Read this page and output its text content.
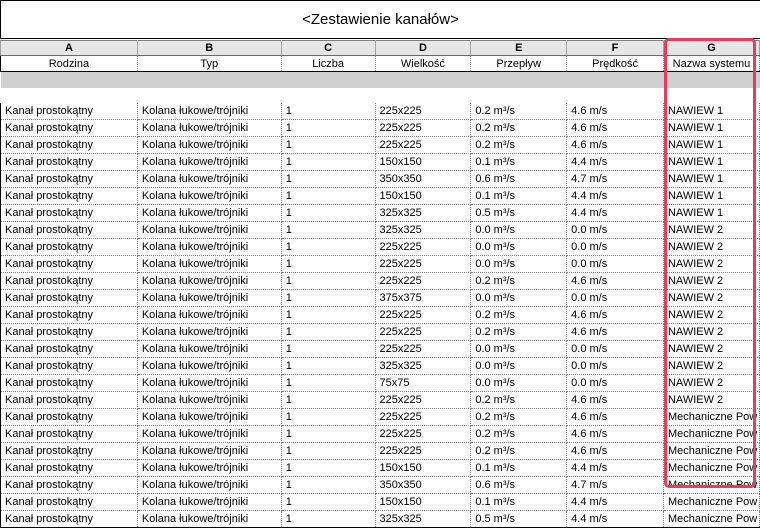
<Zestawienie kanałów>
A	B	C	D	E	F	G
Rodzina	Typ	Liczba	Wielkość	Przepływ	Prędkość	Nazwa systemu

Kanał prostokątny	Kolana łukowe/trójniki	1	225x225	0.2 m³/s	4.6 m/s	NAWIEW 1
Kanał prostokątny	Kolana łukowe/trójniki	1	225x225	0.2 m³/s	4.6 m/s	NAWIEW 1
Kanał prostokątny	Kolana łukowe/trójniki	1	225x225	0.2 m³/s	4.6 m/s	NAWIEW 1
Kanał prostokątny	Kolana łukowe/trójniki	1	150x150	0.1 m³/s	4.4 m/s	NAWIEW 1
Kanał prostokątny	Kolana łukowe/trójniki	1	350x350	0.6 m³/s	4.7 m/s	NAWIEW 1
Kanał prostokątny	Kolana łukowe/trójniki	1	150x150	0.1 m³/s	4.4 m/s	NAWIEW 1
Kanał prostokątny	Kolana łukowe/trójniki	1	325x325	0.5 m³/s	4.4 m/s	NAWIEW 1
Kanał prostokątny	Kolana łukowe/trójniki	1	325x325	0.0 m³/s	0.0 m/s	NAWIEW 2
Kanał prostokątny	Kolana łukowe/trójniki	1	225x225	0.0 m³/s	0.0 m/s	NAWIEW 2
Kanał prostokątny	Kolana łukowe/trójniki	1	225x225	0.0 m³/s	0.0 m/s	NAWIEW 2
Kanał prostokątny	Kolana łukowe/trójniki	1	225x225	0.2 m³/s	4.6 m/s	NAWIEW 2
Kanał prostokątny	Kolana łukowe/trójniki	1	375x375	0.0 m³/s	0.0 m/s	NAWIEW 2
Kanał prostokątny	Kolana łukowe/trójniki	1	225x225	0.2 m³/s	4.6 m/s	NAWIEW 2
Kanał prostokątny	Kolana łukowe/trójniki	1	225x225	0.2 m³/s	4.6 m/s	NAWIEW 2
Kanał prostokątny	Kolana łukowe/trójniki	1	225x225	0.0 m³/s	0.0 m/s	NAWIEW 2
Kanał prostokątny	Kolana łukowe/trójniki	1	325x325	0.0 m³/s	0.0 m/s	NAWIEW 2
Kanał prostokątny	Kolana łukowe/trójniki	1	75x75	0.0 m³/s	0.0 m/s	NAWIEW 2
Kanał prostokątny	Kolana łukowe/trójniki	1	225x225	0.2 m³/s	4.6 m/s	NAWIEW 2
Kanał prostokątny	Kolana łukowe/trójniki	1	225x225	0.2 m³/s	4.6 m/s	Mechaniczne Pow
Kanał prostokątny	Kolana łukowe/trójniki	1	225x225	0.2 m³/s	4.6 m/s	Mechaniczne Pow
Kanał prostokątny	Kolana łukowe/trójniki	1	225x225	0.2 m³/s	4.6 m/s	Mechaniczne Pow
Kanał prostokątny	Kolana łukowe/trójniki	1	150x150	0.1 m³/s	4.4 m/s	Mechaniczne Pow
Kanał prostokątny	Kolana łukowe/trójniki	1	350x350	0.6 m³/s	4.7 m/s	Mechaniczne Pow
Kanał prostokątny	Kolana łukowe/trójniki	1	150x150	0.1 m³/s	4.4 m/s	Mechaniczne Pow
Kanał prostokątny	Kolana łukowe/trójniki	1	325x325	0.5 m³/s	4.4 m/s	Mechaniczne Pow
